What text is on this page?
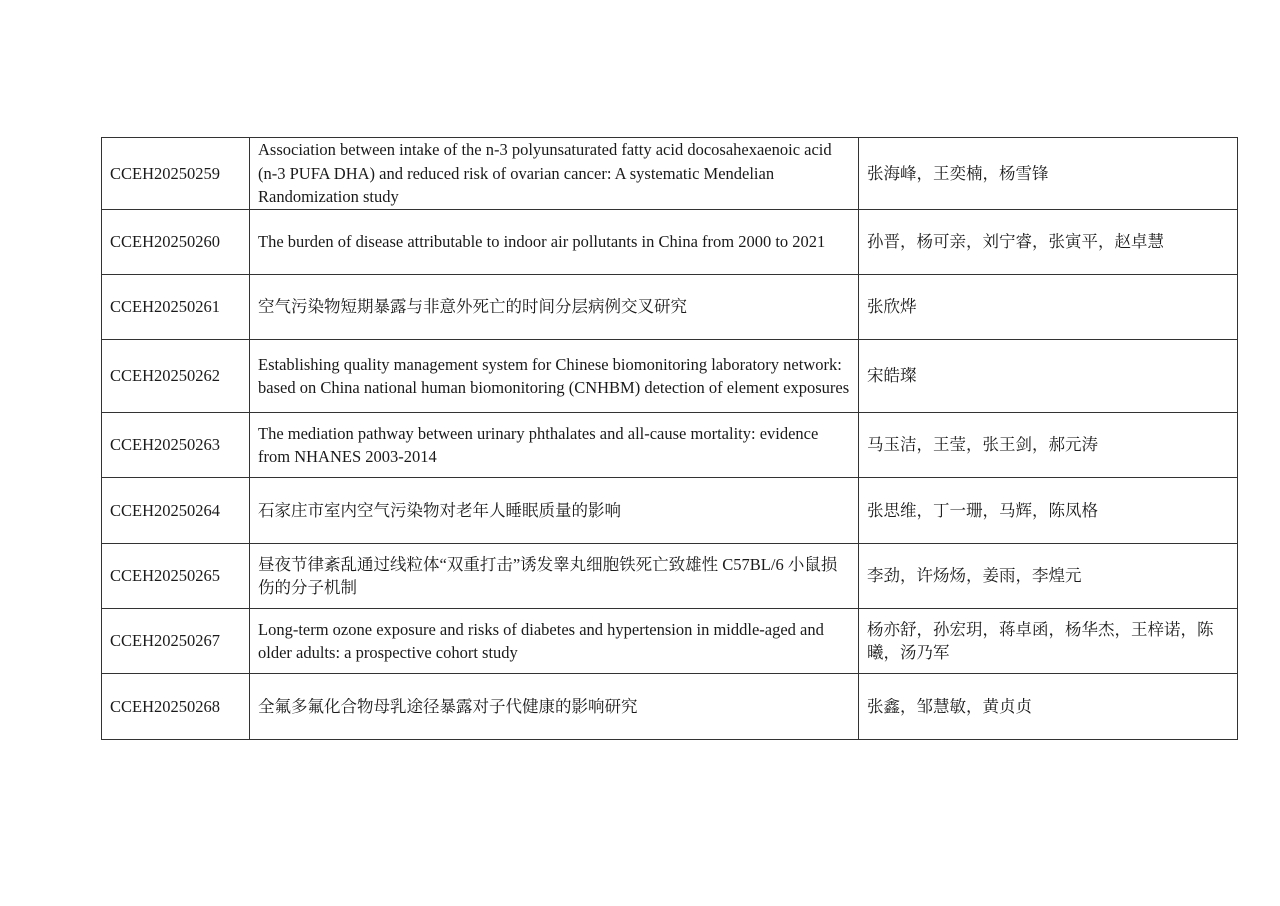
CCEH20250259	Association between intake of the n-3 polyunsaturated fatty acid docosahexaenoic acid (n-3 PUFA DHA) and reduced risk of ovarian cancer: A systematic Mendelian Randomization study	张海峰，王奕楠，杨雪锋
CCEH20250260	The burden of disease attributable to indoor air pollutants in China from 2000 to 2021	孙晋，杨可亲，刘宁睿，张寅平，赵卓慧
CCEH20250261	空气污染物短期暴露与非意外死亡的时间分层病例交叉研究	张欣烨
CCEH20250262	Establishing quality management system for Chinese biomonitoring laboratory network: based on China national human biomonitoring (CNHBM) detection of element exposures	宋皓璨
CCEH20250263	The mediation pathway between urinary phthalates and all-cause mortality: evidence from NHANES 2003-2014	马玉洁，王莹，张王剑，郝元涛
CCEH20250264	石家庄市室内空气污染物对老年人睡眠质量的影响	张思维，丁一珊，马辉，陈凤格
CCEH20250265	昼夜节律紊乱通过线粒体“双重打击”诱发睾丸细胞铁死亡致雄性 C57BL/6 小鼠损伤的分子机制	李劲，许炀炀，姜雨，李煌元
CCEH20250267	Long-term ozone exposure and risks of diabetes and hypertension in middle-aged and older adults: a prospective cohort study	杨亦舒，孙宏玥，蒋卓函，杨华杰，王梓诺，陈曦，汤乃军
CCEH20250268	全氟多氟化合物母乳途径暴露对子代健康的影响研究	张鑫，邹慧敏，黄贞贞
